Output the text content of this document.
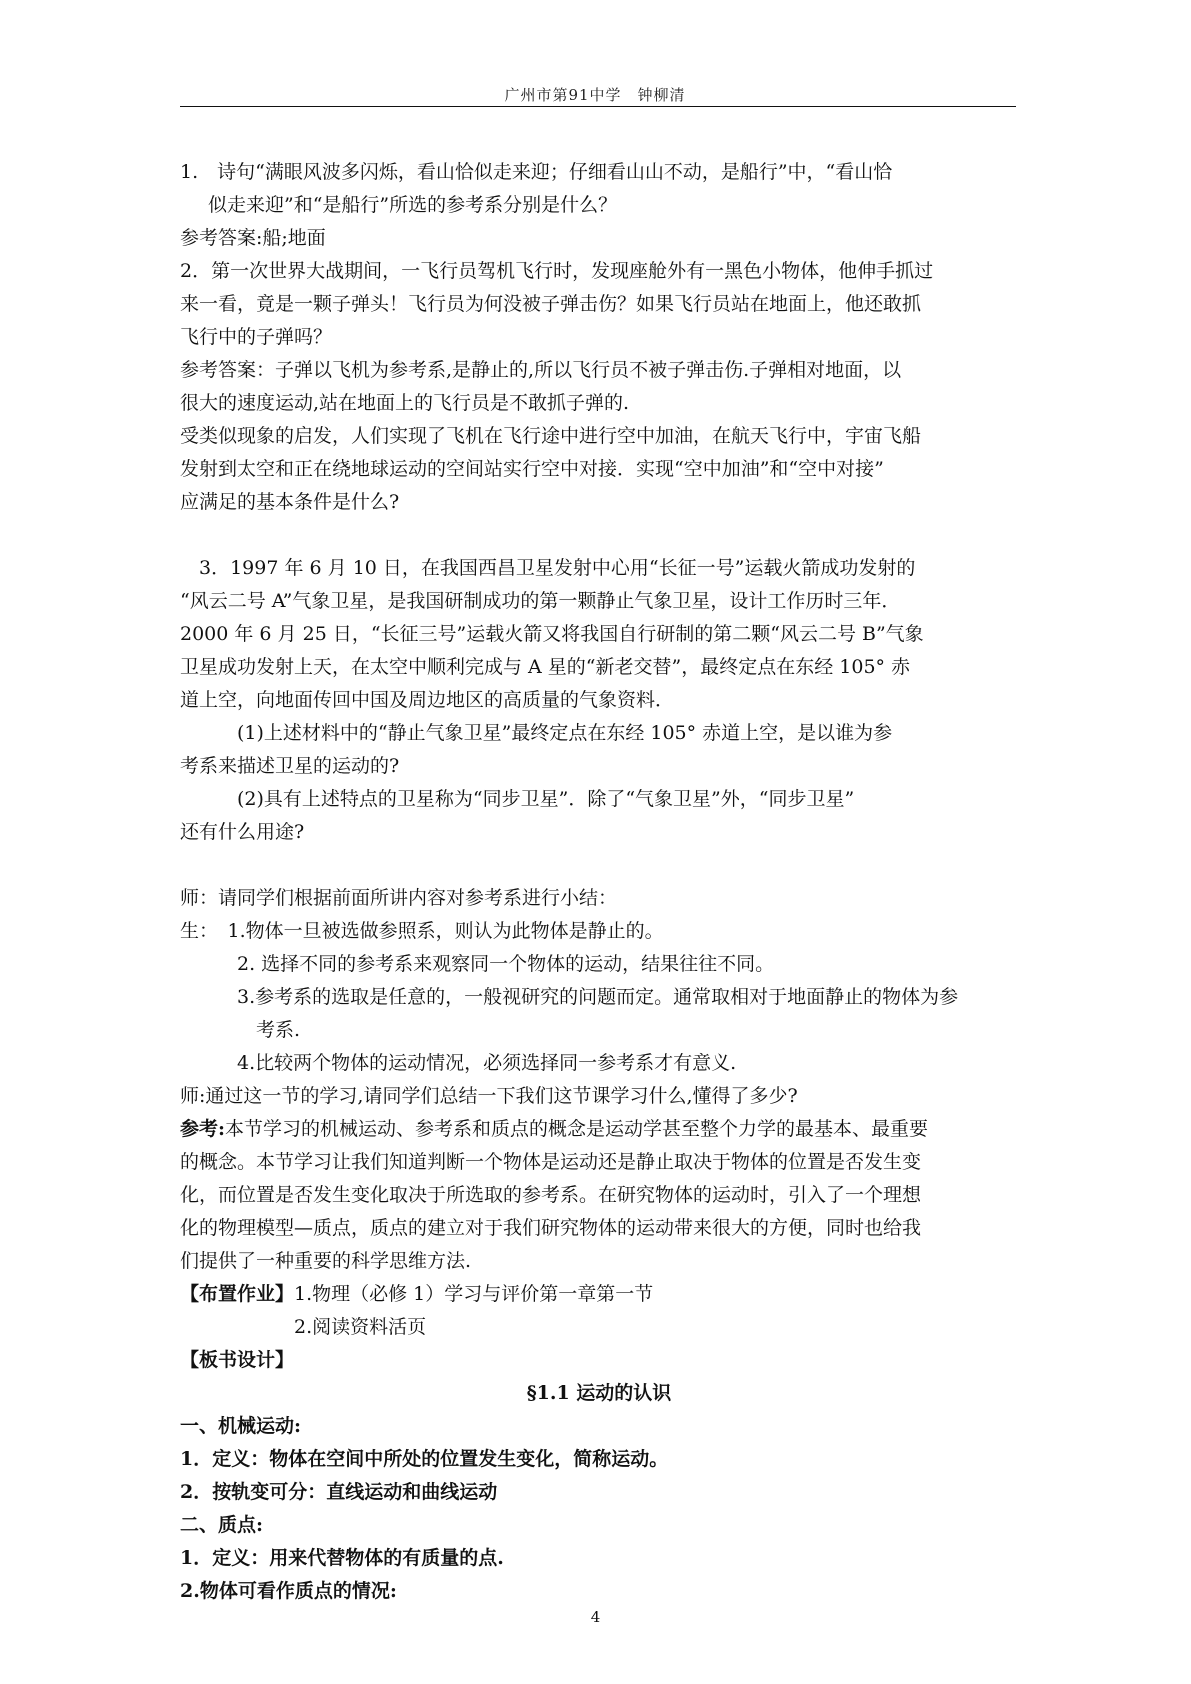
广州市第91中学　钟柳清

1.　诗句“满眼风波多闪烁，看山恰似走来迎；仔细看山山不动，是船行”中，“看山恰

似走来迎”和“是船行”所选的参考系分别是什么？

参考答案:船;地面

2．第一次世界大战期间，一飞行员驾机飞行时，发现座舱外有一黑色小物体，他伸手抓过

来一看，竟是一颗子弹头！飞行员为何没被子弹击伤？如果飞行员站在地面上，他还敢抓

飞行中的子弹吗？

参考答案：子弹以飞机为参考系,是静止的,所以飞行员不被子弹击伤.子弹相对地面，以

很大的速度运动,站在地面上的飞行员是不敢抓子弹的.

受类似现象的启发，人们实现了飞机在飞行途中进行空中加油，在航天飞行中，宇宙飞船

发射到太空和正在绕地球运动的空间站实行空中对接．实现“空中加油”和“空中对接”

应满足的基本条件是什么?

　3．1997 年 6 月 10 日，在我国西昌卫星发射中心用“长征一号”运载火箭成功发射的

“风云二号 A”气象卫星，是我国研制成功的第一颗静止气象卫星，设计工作历时三年．

2000 年 6 月 25 日，“长征三号”运载火箭又将我国自行研制的第二颗“风云二号 B”气象

卫星成功发射上天，在太空中顺利完成与 A 星的“新老交替”，最终定点在东经 105° 赤

道上空，向地面传回中国及周边地区的高质量的气象资料．

　　　(1)上述材料中的“静止气象卫星”最终定点在东经 105° 赤道上空，是以谁为参

考系来描述卫星的运动的?

　　　(2)具有上述特点的卫星称为“同步卫星”．除了“气象卫星”外，“同步卫星”

还有什么用途?

师：请同学们根据前面所讲内容对参考系进行小结：

生：　1.物体一旦被选做参照系，则认为此物体是静止的。

　　　2. 选择不同的参考系来观察同一个物体的运动，结果往往不同。

　　　3.参考系的选取是任意的，一般视研究的问题而定。通常取相对于地面静止的物体为参

　　　　考系.

　　　4.比较两个物体的运动情况，必须选择同一参考系才有意义.

师:通过这一节的学习,请同学们总结一下我们这节课学习什么,懂得了多少?

参考:本节学习的机械运动、参考系和质点的概念是运动学甚至整个力学的最基本、最重要

的概念。本节学习让我们知道判断一个物体是运动还是静止取决于物体的位置是否发生变

化，而位置是否发生变化取决于所选取的参考系。在研究物体的运动时，引入了一个理想

化的物理模型—质点，质点的建立对于我们研究物体的运动带来很大的方便，同时也给我

们提供了一种重要的科学思维方法.

【布置作业】1.物理（必修 1）学习与评价第一章第一节

　　　　　　2.阅读资料活页

【板书设计】

§1.1 运动的认识

一、机械运动:

1．定义：物体在空间中所处的位置发生变化，简称运动。

2．按轨变可分：直线运动和曲线运动

二、质点:

1．定义：用来代替物体的有质量的点.

2.物体可看作质点的情况:

4
